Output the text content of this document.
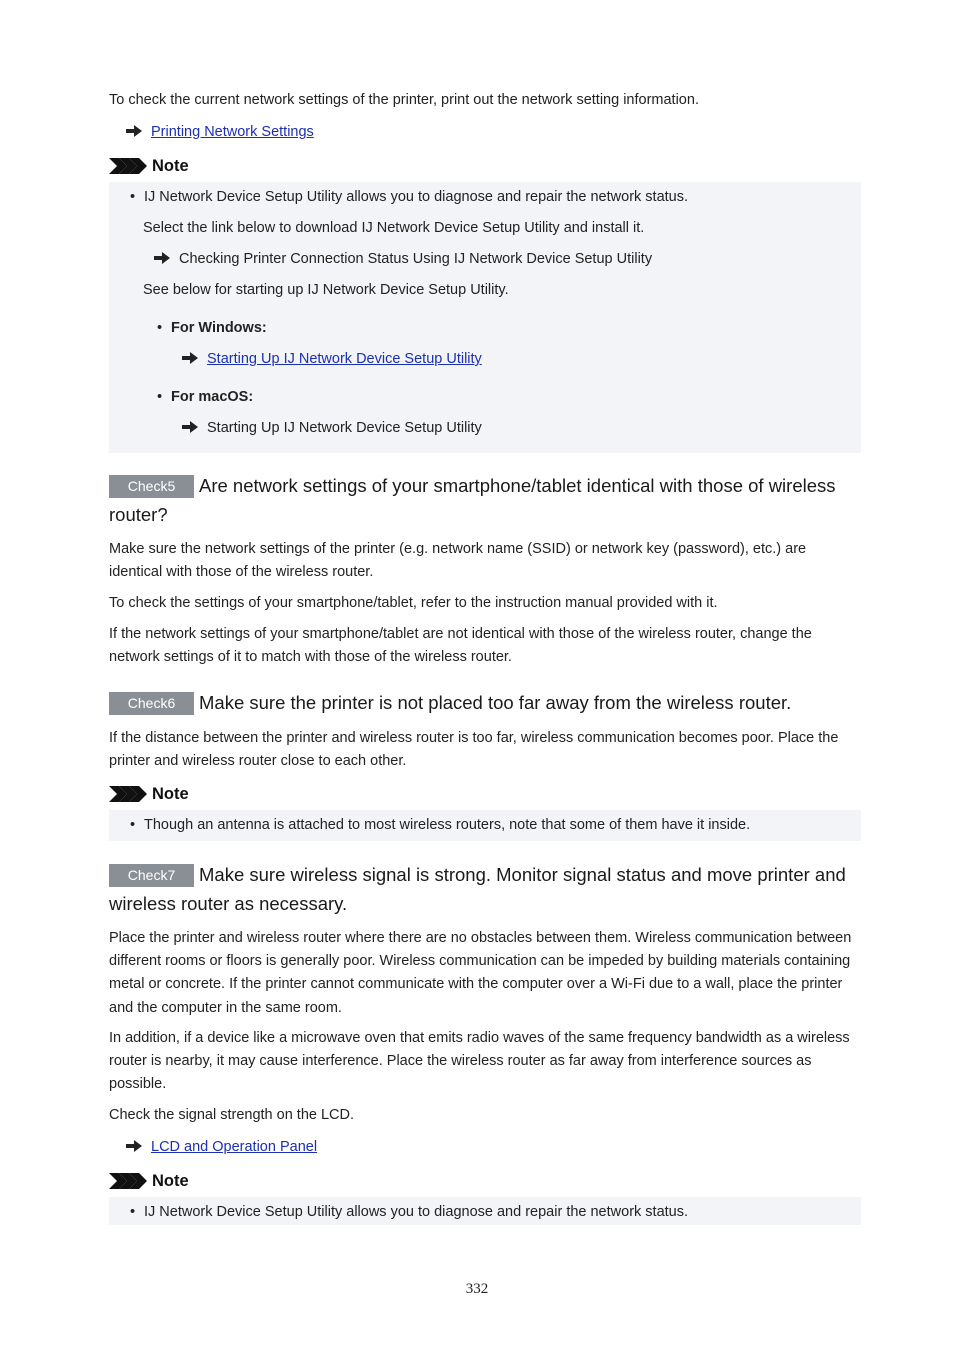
To check the current network settings of the printer, print out the network setting information.

Printing Network Settings
Note
• IJ Network Device Setup Utility allows you to diagnose and repair the network status.
Select the link below to download IJ Network Device Setup Utility and install it.
Checking Printer Connection Status Using IJ Network Device Setup Utility
See below for starting up IJ Network Device Setup Utility.
• For Windows:
Starting Up IJ Network Device Setup Utility
• For macOS:
Starting Up IJ Network Device Setup Utility
Check5	Are network settings of your smartphone/tablet identical with those of wireless router?

Make sure the network settings of the printer (e.g. network name (SSID) or network key (password), etc.) are identical with those of the wireless router.

To check the settings of your smartphone/tablet, refer to the instruction manual provided with it.

If the network settings of your smartphone/tablet are not identical with those of the wireless router, change the network settings of it to match with those of the wireless router.

Check6	Make sure the printer is not placed too far away from the wireless router.

If the distance between the printer and wireless router is too far, wireless communication becomes poor. Place the printer and wireless router close to each other.

Note
• Though an antenna is attached to most wireless routers, note that some of them have it inside.
Check7	Make sure wireless signal is strong. Monitor signal status and move printer and wireless router as necessary.

Place the printer and wireless router where there are no obstacles between them. Wireless communication between different rooms or floors is generally poor. Wireless communication can be impeded by building materials containing metal or concrete. If the printer cannot communicate with the computer over a Wi-Fi due to a wall, place the printer and the computer in the same room.

In addition, if a device like a microwave oven that emits radio waves of the same frequency bandwidth as a wireless router is nearby, it may cause interference. Place the wireless router as far away from interference sources as possible.

Check the signal strength on the LCD.

LCD and Operation Panel
Note
• IJ Network Device Setup Utility allows you to diagnose and repair the network status.
332
